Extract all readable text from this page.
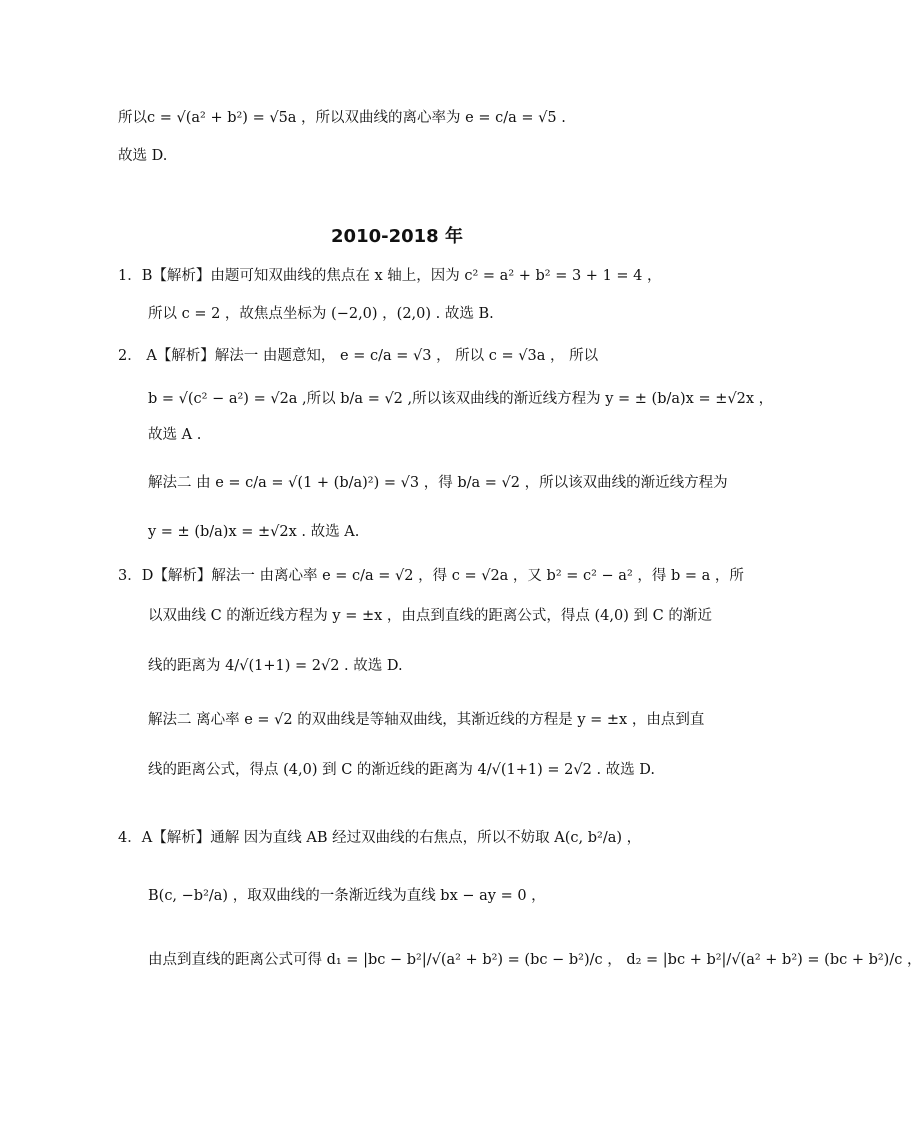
所以c = √(a² + b²) = √5a ，所以双曲线的离心率为 e = c/a = √5 .
故选 D.
2010-2018 年
1．B【解析】由题可知双曲线的焦点在 x 轴上，因为 c² = a² + b² = 3 + 1 = 4 ，
所以 c = 2 ，故焦点坐标为 (−2,0) ，(2,0) . 故选 B.
2． A【解析】解法一 由题意知， e = c/a = √3 ， 所以 c = √3a ， 所以
b = √(c² − a²) = √2a ,所以 b/a = √2 ,所以该双曲线的渐近线方程为 y = ± (b/a)x = ±√2x ，
故选 A .
解法二 由 e = c/a = √(1 + (b/a)²) = √3 ，得 b/a = √2 ，所以该双曲线的渐近线方程为
y = ± (b/a)x = ±√2x . 故选 A.
3．D【解析】解法一 由离心率 e = c/a = √2 ，得 c = √2a ，又 b² = c² − a² ，得 b = a ，所
以双曲线 C 的渐近线方程为 y = ±x ，由点到直线的距离公式，得点 (4,0) 到 C 的渐近
线的距离为 4/√(1+1) = 2√2 . 故选 D.
解法二 离心率 e = √2 的双曲线是等轴双曲线，其渐近线的方程是 y = ±x ，由点到直
线的距离公式，得点 (4,0) 到 C 的渐近线的距离为 4/√(1+1) = 2√2 . 故选 D.
4．A【解析】通解 因为直线 AB 经过双曲线的右焦点，所以不妨取 A(c, b²/a) ，
B(c, −b²/a) ，取双曲线的一条渐近线为直线 bx − ay = 0 ，
由点到直线的距离公式可得 d₁ = |bc − b²|/√(a² + b²) = (bc − b²)/c ， d₂ = |bc + b²|/√(a² + b²) = (bc + b²)/c ，
